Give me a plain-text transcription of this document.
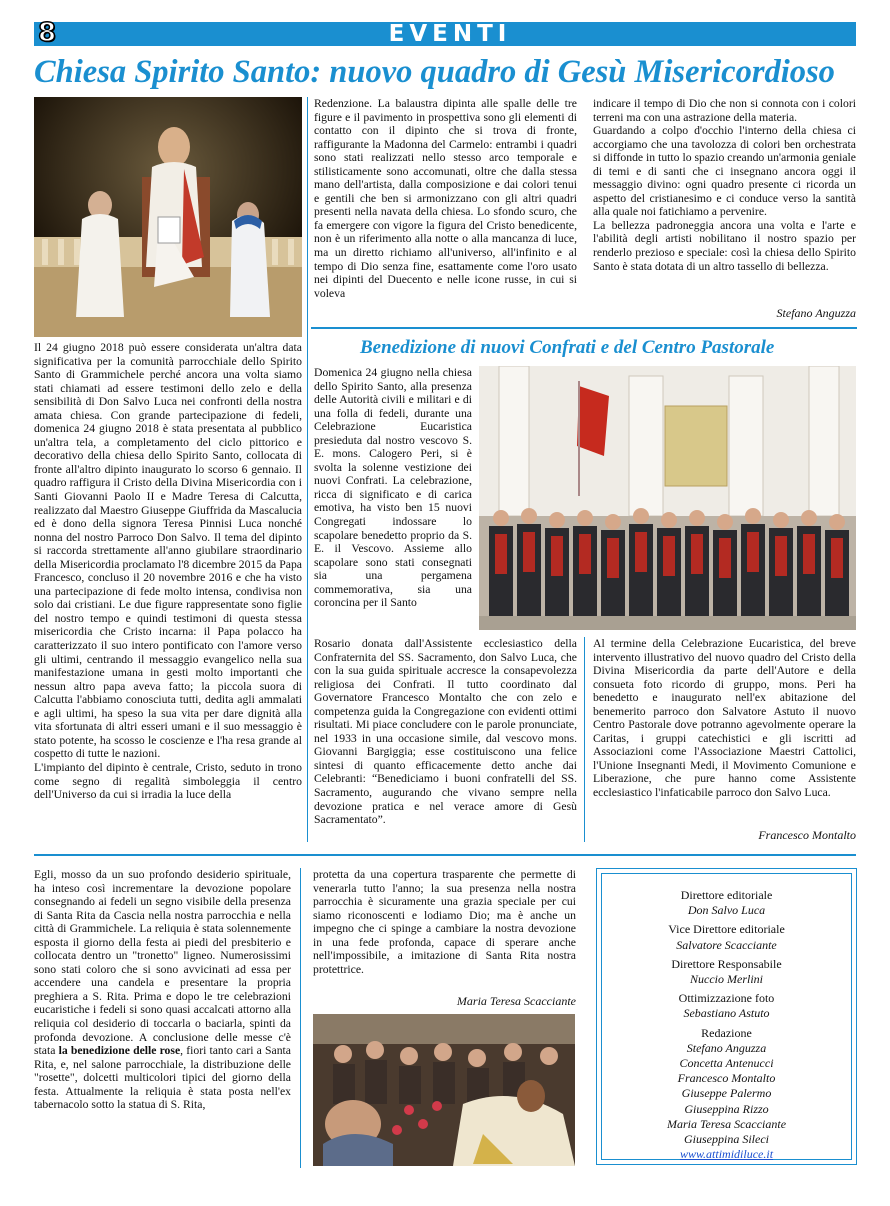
8	EVENTI
Chiesa Spirito Santo: nuovo quadro di Gesù Misericordioso

Il 24 giugno 2018 può essere considerata un'altra data significativa per la comunità parrocchiale dello Spirito Santo di Grammichele perché ancora una volta siamo stati chiamati ad essere testimoni dello zelo e della sensibilità di Don Salvo Luca nei confronti della nostra amata chiesa. Con grande partecipazione di fedeli, domenica 24 giugno 2018 è stata presentata al pubblico un'altra tela, a completamento del ciclo pittorico e decorativo della chiesa dello Spirito Santo, collocata di fronte all'altro dipinto inaugurato lo scorso 6 gennaio. Il quadro raffigura il Cristo della Divina Misericordia con i Santi Giovanni Paolo II e Madre Teresa di Calcutta, realizzato dal Maestro Giuseppe Giuffrida da Mascalucia ed è dono della signora Teresa Pinnisi Luca nonché nonna del nostro Parroco Don Salvo. Il tema del dipinto si raccorda strettamente all'anno giubilare straordinario della Misericordia proclamato l'8 dicembre 2015 da Papa Francesco, concluso il 20 novembre 2016 e che ha visto una partecipazione di fede molto intensa, condivisa non solo dai cristiani. Le due figure rappresentate sono figlie del nostro tempo e quindi testimoni di questa stessa misericordia che Cristo incarna: il Papa polacco ha caratterizzato il suo intero pontificato con l'amore verso gli ultimi, centrando il messaggio evangelico nella sua manifestazione umana in gesti molto importanti che nessun altro papa aveva fatto; la piccola suora di Calcutta l'abbiamo conosciuta tutti, dedita agli ammalati e agli ultimi, ha speso la sua vita per dare dignità alla vita sfortunata di altri esseri umani e il suo messaggio è stato potente, ha scosso le coscienze e l'ha resa grande al cospetto di tutte le nazioni.

L'impianto del dipinto è centrale, Cristo, seduto in trono come segno di regalità simboleggia il centro dell'Universo da cui si irradia la luce della

Redenzione. La balaustra dipinta alle spalle delle tre figure e il pavimento in prospettiva sono gli elementi di contatto con il dipinto che si trova di fronte, raffigurante la Madonna del Carmelo: entrambi i quadri sono stati realizzati nello stesso arco temporale e stilisticamente sono accomunati, oltre che dalla stessa mano dell'artista, dalla composizione e dai colori tenui e gentili che ben si armonizzano con gli altri quadri presenti nella navata della chiesa. Lo sfondo scuro, che fa emergere con vigore la figura del Cristo benedicente, non è un riferimento alla notte o alla mancanza di luce, ma un diretto richiamo all'universo, all'infinito e al tempo di Dio senza fine, esattamente come l'oro usato nei dipinti del Duecento e nelle icone russe, in cui si voleva

indicare il tempo di Dio che non si connota con i colori terreni ma con una astrazione della materia.

Guardando a colpo d'occhio l'interno della chiesa ci accorgiamo che una tavolozza di colori ben orchestrata si diffonde in tutto lo spazio creando un'armonia geniale di temi e di santi che ci insegnano ancora oggi il messaggio divino: ogni quadro presente ci ricorda un aspetto del cristianesimo e ci conduce verso la santità alla quale noi fatichiamo a pervenire.

La bellezza padroneggia ancora una volta e l'arte e l'abilità degli artisti nobilitano il nostro spazio per renderlo prezioso e speciale: così la chiesa dello Spirito Santo è stata dotata di un altro tassello di bellezza.

Stefano Anguzza
Benedizione di nuovi Confrati e del Centro Pastorale

Domenica 24 giugno nella chiesa dello Spirito Santo, alla presenza delle Autorità civili e militari e di una folla di fedeli, durante una Celebrazione Eucaristica presieduta dal nostro vescovo S. E. mons. Calogero Peri, si è svolta la solenne vestizione dei nuovi Confrati. La celebrazione, ricca di significato e di carica emotiva, ha visto ben 15 nuovi Congregati indossare lo scapolare benedetto proprio da S. E. il Vescovo. Assieme allo scapolare sono stati consegnati sia una pergamena commemorativa, sia una coroncina per il Santo

Rosario donata dall'Assistente ecclesiastico della Confraternita del SS. Sacramento, don Salvo Luca, che con la sua guida spirituale accresce la consapevolezza religiosa dei Confrati. Il tutto coordinato dal Governatore Francesco Montalto che con zelo e competenza guida la Congregazione con evidenti ottimi risultati. Mi piace concludere con le parole pronunciate, nel 1933 in una occasione simile, dal vescovo mons. Giovanni Bargiggia; esse costituiscono una felice sintesi di quanto efficacemente detto anche dai Celebranti: “Benediciamo i buoni confratelli del SS. Sacramento, augurando che vivano sempre nella devozione pratica e nel verace amore di Gesù Sacramentato”.

Al termine della Celebrazione Eucaristica, del breve intervento illustrativo del nuovo quadro del Cristo della Divina Misericordia da parte dell'Autore e della consueta foto ricordo di gruppo, mons. Peri ha benedetto e inaugurato nell'ex abitazione del benemerito parroco don Salvatore Astuto il nuovo Centro Pastorale dove potranno agevolmente operare la Caritas, i gruppi catechistici e gli iscritti ad Associazioni come l'Associazione Maestri Cattolici, l'Unione Insegnanti Medi, il Movimento Comunione e Liberazione, che pure hanno come Assistente ecclesiastico l'infaticabile parroco don Salvo Luca.

Francesco Montalto

Egli, mosso da un suo profondo desiderio spirituale, ha inteso così incrementare la devozione popolare consegnando ai fedeli un segno visibile della presenza di Santa Rita da Cascia nella nostra parrocchia e nella città di Grammichele. La reliquia è stata solennemente esposta il giorno della festa ai piedi del presbiterio e collocata dentro un "tronetto" ligneo. Numerosissimi sono stati coloro che si sono avvicinati ad essa per accendere una candela e presentare la propria preghiera a S. Rita. Prima e dopo le tre celebrazioni eucaristiche i fedeli si sono quasi accalcati attorno alla reliquia col desiderio di toccarla o baciarla, spinti da profonda devozione. A conclusione delle messe c'è stata la benedizione delle rose, fiori tanto cari a Santa Rita, e, nel salone parrocchiale, la distribuzione delle "rosette", dolcetti multicolori tipici del giorno della festa. Attualmente la reliquia è stata posta nell'ex tabernacolo sotto la statua di S. Rita,

protetta da una copertura trasparente che permette di venerarla tutto l'anno; la sua presenza nella nostra parrocchia è sicuramente una grazia speciale per cui siamo riconoscenti e lodiamo Dio; ma è anche un impegno che ci spinge a cambiare la nostra devozione in una fede profonda, capace di sperare anche nell'impossibile, a imitazione di Santa Rita nostra protettrice.

Maria Teresa Scacciante
Direttore editoriale
Don Salvo Luca
Vice Direttore editoriale
Salvatore Scacciante
Direttore Responsabile
Nuccio Merlini
Ottimizzazione foto
Sebastiano Astuto
Redazione
Stefano Anguzza
Concetta Antenucci
Francesco Montalto
Giuseppe Palermo
Giuseppina Rizzo
Maria Teresa Scacciante
Giuseppina Sileci
www.attimidiluce.it
